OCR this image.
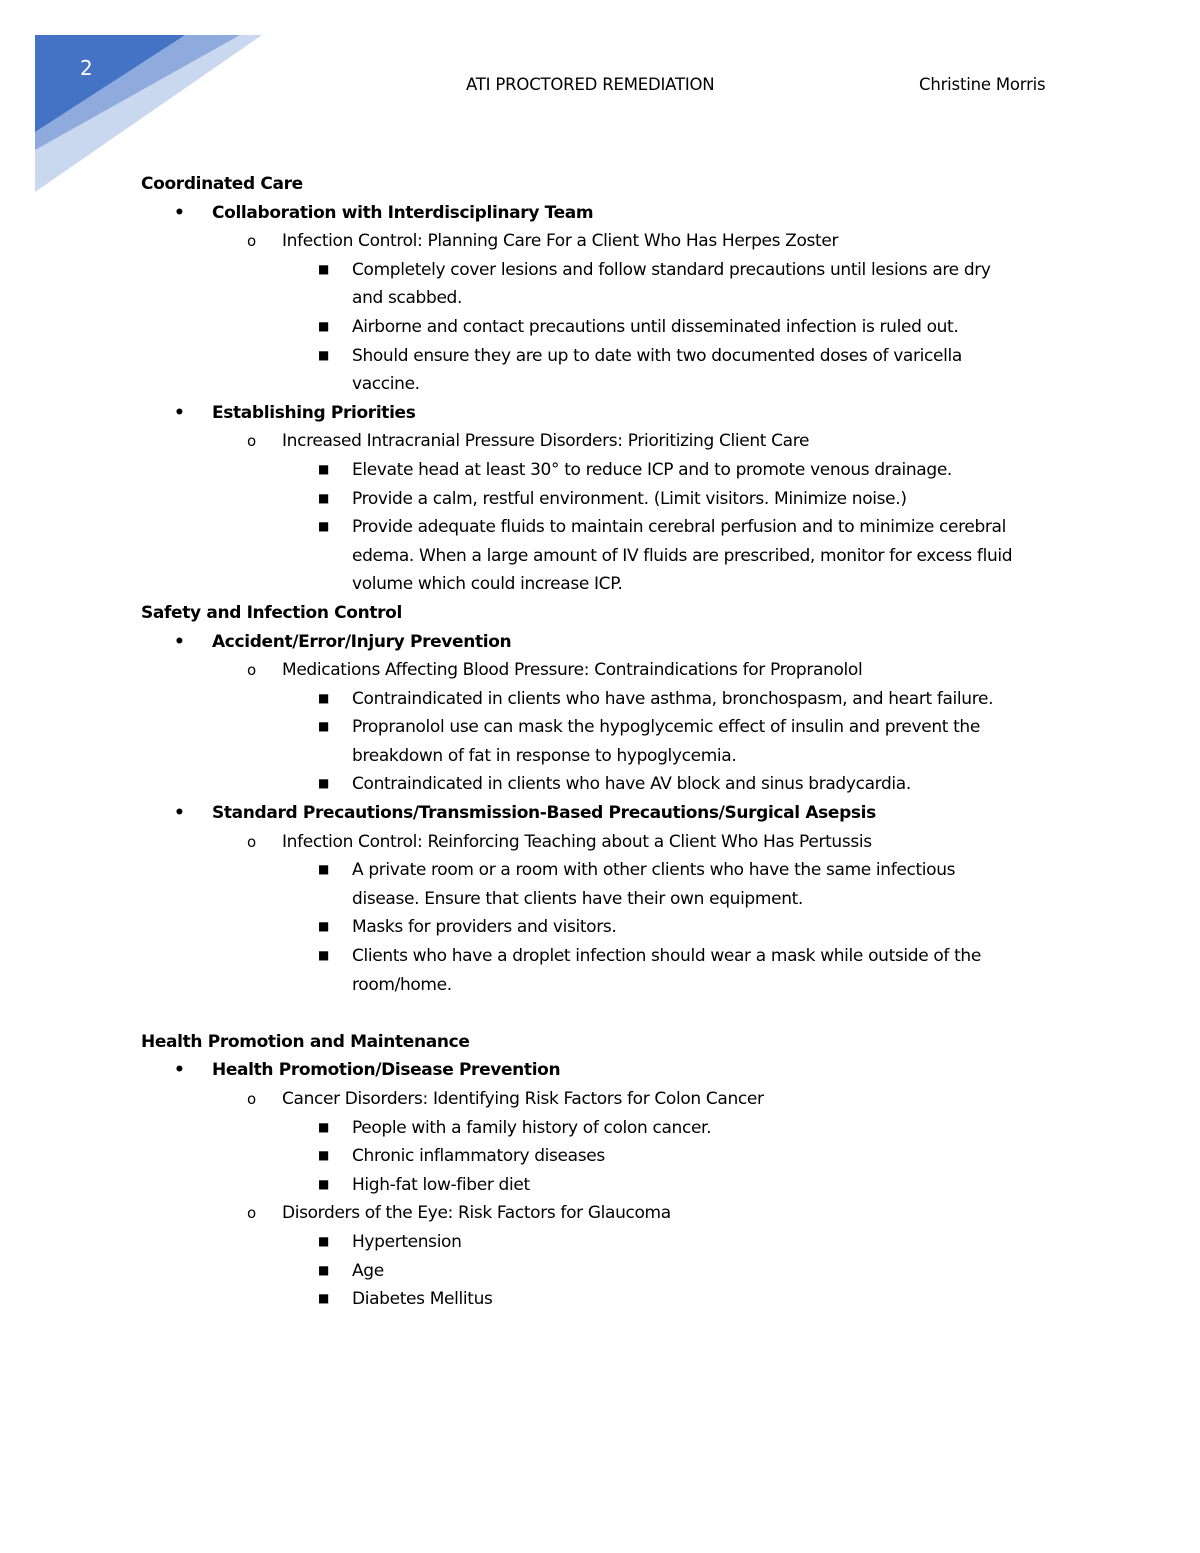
2
ATI PROCTORED REMEDIATION	Christine Morris
Coordinated Care
• Collaboration with Interdisciplinary Team
o Infection Control: Planning Care For a Client Who Has Herpes Zoster
■ Completely cover lesions and follow standard precautions until lesions are dry
and scabbed.
■ Airborne and contact precautions until disseminated infection is ruled out.
■ Should ensure they are up to date with two documented doses of varicella
vaccine.
• Establishing Priorities
o Increased Intracranial Pressure Disorders: Prioritizing Client Care
■ Elevate head at least 30° to reduce ICP and to promote venous drainage.
■ Provide a calm, restful environment. (Limit visitors. Minimize noise.)
■ Provide adequate fluids to maintain cerebral perfusion and to minimize cerebral
edema. When a large amount of IV fluids are prescribed, monitor for excess fluid
volume which could increase ICP.
Safety and Infection Control
• Accident/Error/Injury Prevention
o Medications Affecting Blood Pressure: Contraindications for Propranolol
■ Contraindicated in clients who have asthma, bronchospasm, and heart failure.
■ Propranolol use can mask the hypoglycemic effect of insulin and prevent the
breakdown of fat in response to hypoglycemia.
■ Contraindicated in clients who have AV block and sinus bradycardia.
• Standard Precautions/Transmission-Based Precautions/Surgical Asepsis
o Infection Control: Reinforcing Teaching about a Client Who Has Pertussis
■ A private room or a room with other clients who have the same infectious
disease. Ensure that clients have their own equipment.
■ Masks for providers and visitors.
■ Clients who have a droplet infection should wear a mask while outside of the
room/home.
Health Promotion and Maintenance
• Health Promotion/Disease Prevention
o Cancer Disorders: Identifying Risk Factors for Colon Cancer
■ People with a family history of colon cancer.
■ Chronic inflammatory diseases
■ High-fat low-fiber diet
o Disorders of the Eye: Risk Factors for Glaucoma
■ Hypertension
■ Age
■ Diabetes Mellitus
